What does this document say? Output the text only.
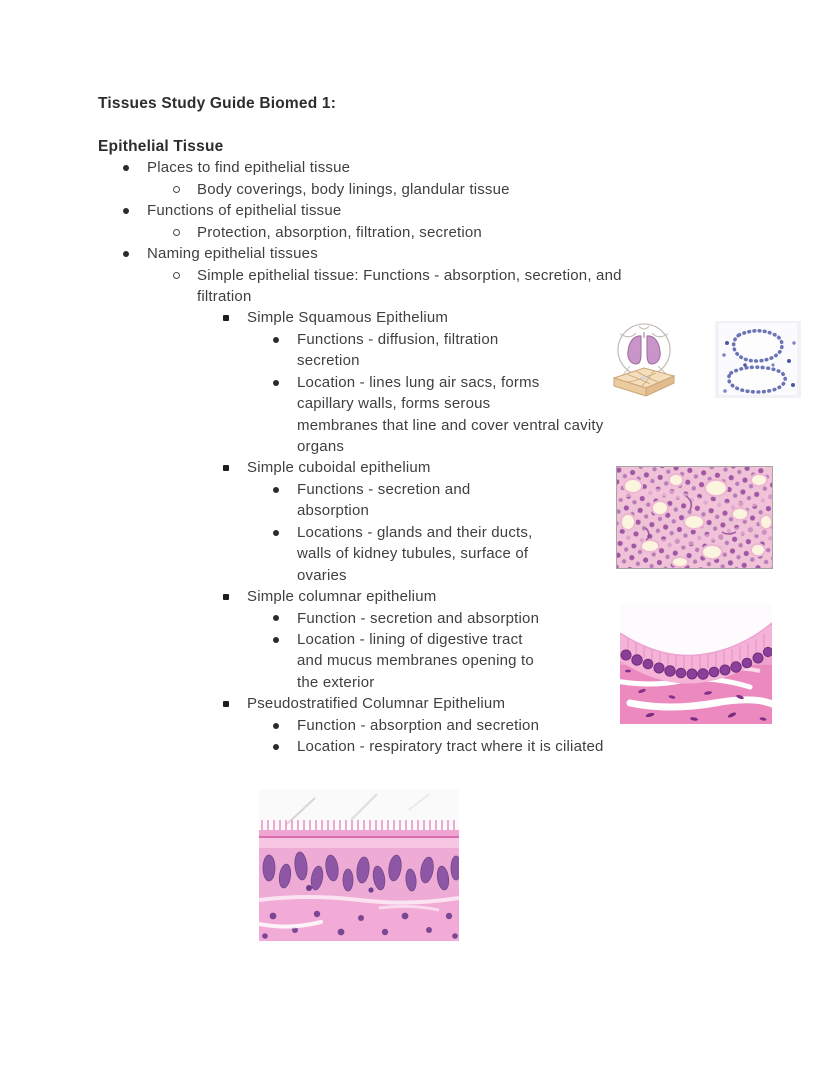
Tissues Study Guide Biomed 1:
Epithelial Tissue
Places to find epithelial tissue
Body coverings, body linings, glandular tissue
Functions of epithelial tissue
Protection, absorption, filtration, secretion
Naming epithelial tissues
Simple epithelial tissue: Functions - absorption, secretion, and
filtration
Simple Squamous Epithelium
Functions - diffusion, filtration
secretion
Location - lines lung air sacs, forms
capillary walls, forms serous
membranes that line and cover ventral cavity
organs
Simple cuboidal epithelium
Functions - secretion and
absorption
Locations - glands and their ducts,
walls of kidney tubules, surface of
ovaries
Simple columnar epithelium
Function - secretion and absorption
Location - lining of digestive tract
and mucus membranes opening to
the exterior
Pseudostratified Columnar Epithelium
Function - absorption and secretion
Location - respiratory tract where it is ciliated
